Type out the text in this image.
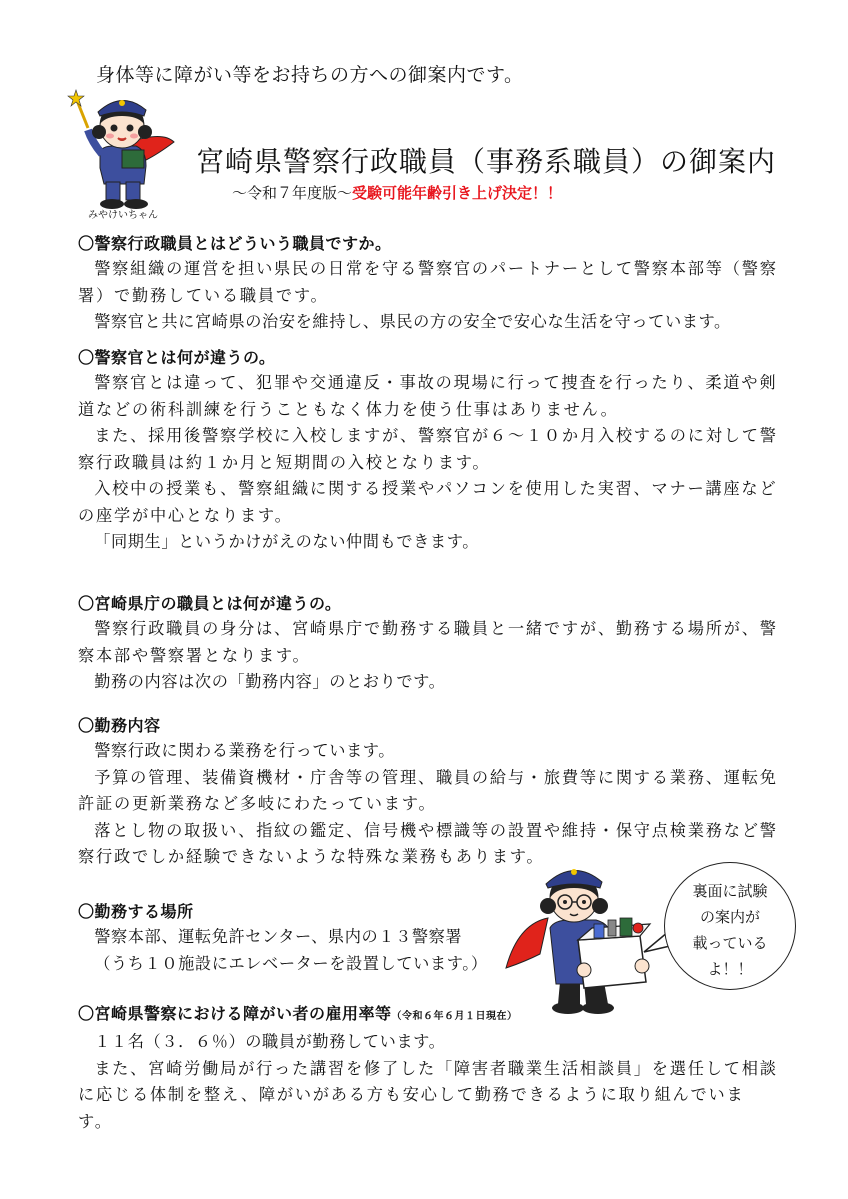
身体等に障がい等をお持ちの方への御案内です。
みやけいちゃん
宮崎県警察行政職員（事務系職員）の御案内
～令和７年度版～受験可能年齢引き上げ決定！！
〇警察行政職員とはどういう職員ですか。

警察組織の運営を担い県民の日常を守る警察官のパートナーとして警察本部等（警察署）で勤務している職員です。

警察官と共に宮崎県の治安を維持し、県民の方の安全で安心な生活を守っています。

〇警察官とは何が違うの。

警察官とは違って、犯罪や交通違反・事故の現場に行って捜査を行ったり、柔道や剣道などの術科訓練を行うこともなく体力を使う仕事はありません。

また、採用後警察学校に入校しますが、警察官が６～１０か月入校するのに対して警察行政職員は約１か月と短期間の入校となります。

入校中の授業も、警察組織に関する授業やパソコンを使用した実習、マナー講座などの座学が中心となります。

「同期生」というかけがえのない仲間もできます。

〇宮崎県庁の職員とは何が違うの。

警察行政職員の身分は、宮崎県庁で勤務する職員と一緒ですが、勤務する場所が、警察本部や警察署となります。

勤務の内容は次の「勤務内容」のとおりです。

〇勤務内容

警察行政に関わる業務を行っています。

予算の管理、装備資機材・庁舎等の管理、職員の給与・旅費等に関する業務、運転免許証の更新業務など多岐にわたっています。

落とし物の取扱い、指紋の鑑定、信号機や標識等の設置や維持・保守点検業務など警察行政でしか経験できないような特殊な業務もあります。

〇勤務する場所

警察本部、運転免許センター、県内の１３警察署

（うち１０施設にエレベーターを設置しています。）

〇宮崎県警察における障がい者の雇用率等（令和６年６月１日現在）

１１名（３．６％）の職員が勤務しています。

また、宮崎労働局が行った講習を修了した「障害者職業生活相談員」を選任して相談に応じる体制を整え、障がいがある方も安心して勤務できるように取り組んでいます。

裏面に試験
の案内が
載っている
よ！！
